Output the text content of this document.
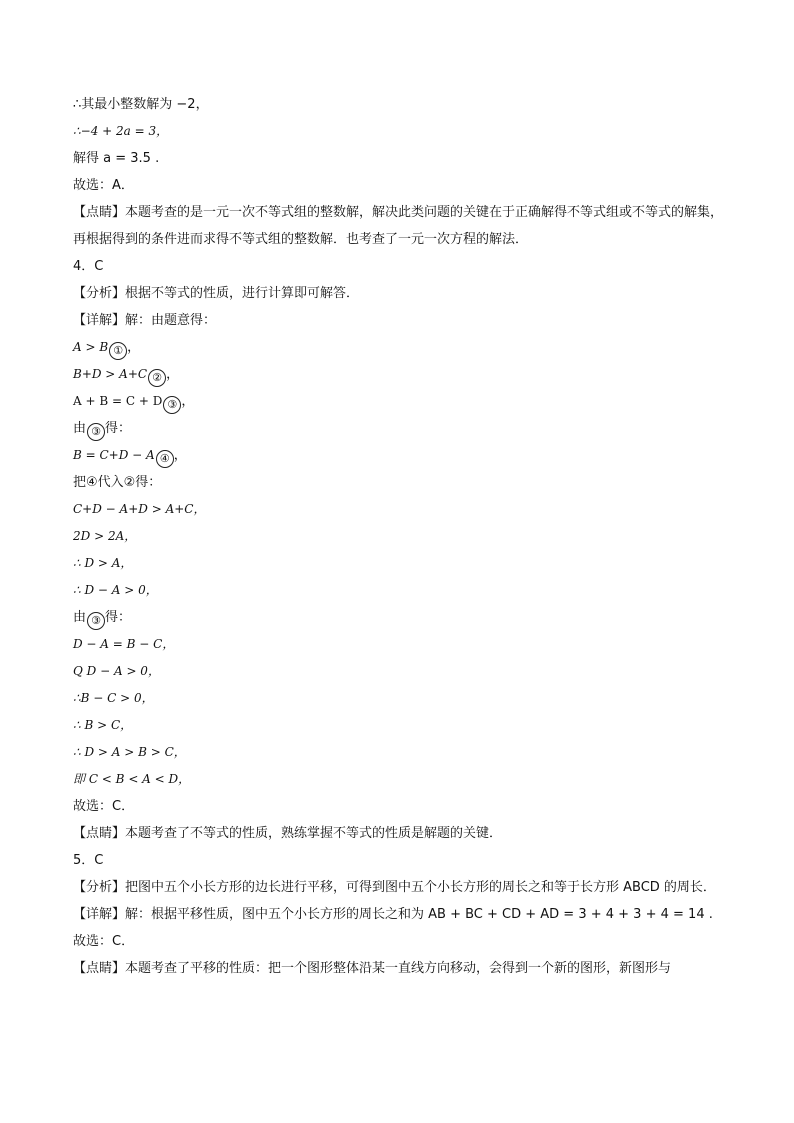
∴其最小整数解为 −2，
∴−4 + 2a = 3，
解得 a = 3.5 .
故选：A．
【点睛】本题考查的是一元一次不等式组的整数解，解决此类问题的关键在于正确解得不等式组或不等式的解集，再根据得到的条件进而求得不等式组的整数解．也考查了一元一次方程的解法．
4．C
【分析】根据不等式的性质，进行计算即可解答．
【详解】解：由题意得：
A > B ① ，
B+D > A+C ② ，
A + B = C + D ③ ，
由 ③ 得：
B = C+D − A ④ ，
把④代入②得：
C+D − A+D > A+C，
2D > 2A，
∴ D > A，
∴ D − A > 0，
由 ③ 得：
D − A = B − C，
Q D − A > 0，
∴B − C > 0，
∴ B > C，
∴ D > A > B > C，
即 C < B < A < D，
故选：C．
【点睛】本题考查了不等式的性质，熟练掌握不等式的性质是解题的关键．
5．C
【分析】把图中五个小长方形的边长进行平移，可得到图中五个小长方形的周长之和等于长方形 ABCD 的周长．
【详解】解：根据平移性质，图中五个小长方形的周长之和为 AB + BC + CD + AD = 3 + 4 + 3 + 4 = 14 .
故选：C．
【点睛】本题考查了平移的性质：把一个图形整体沿某一直线方向移动，会得到一个新的图形，新图形与
